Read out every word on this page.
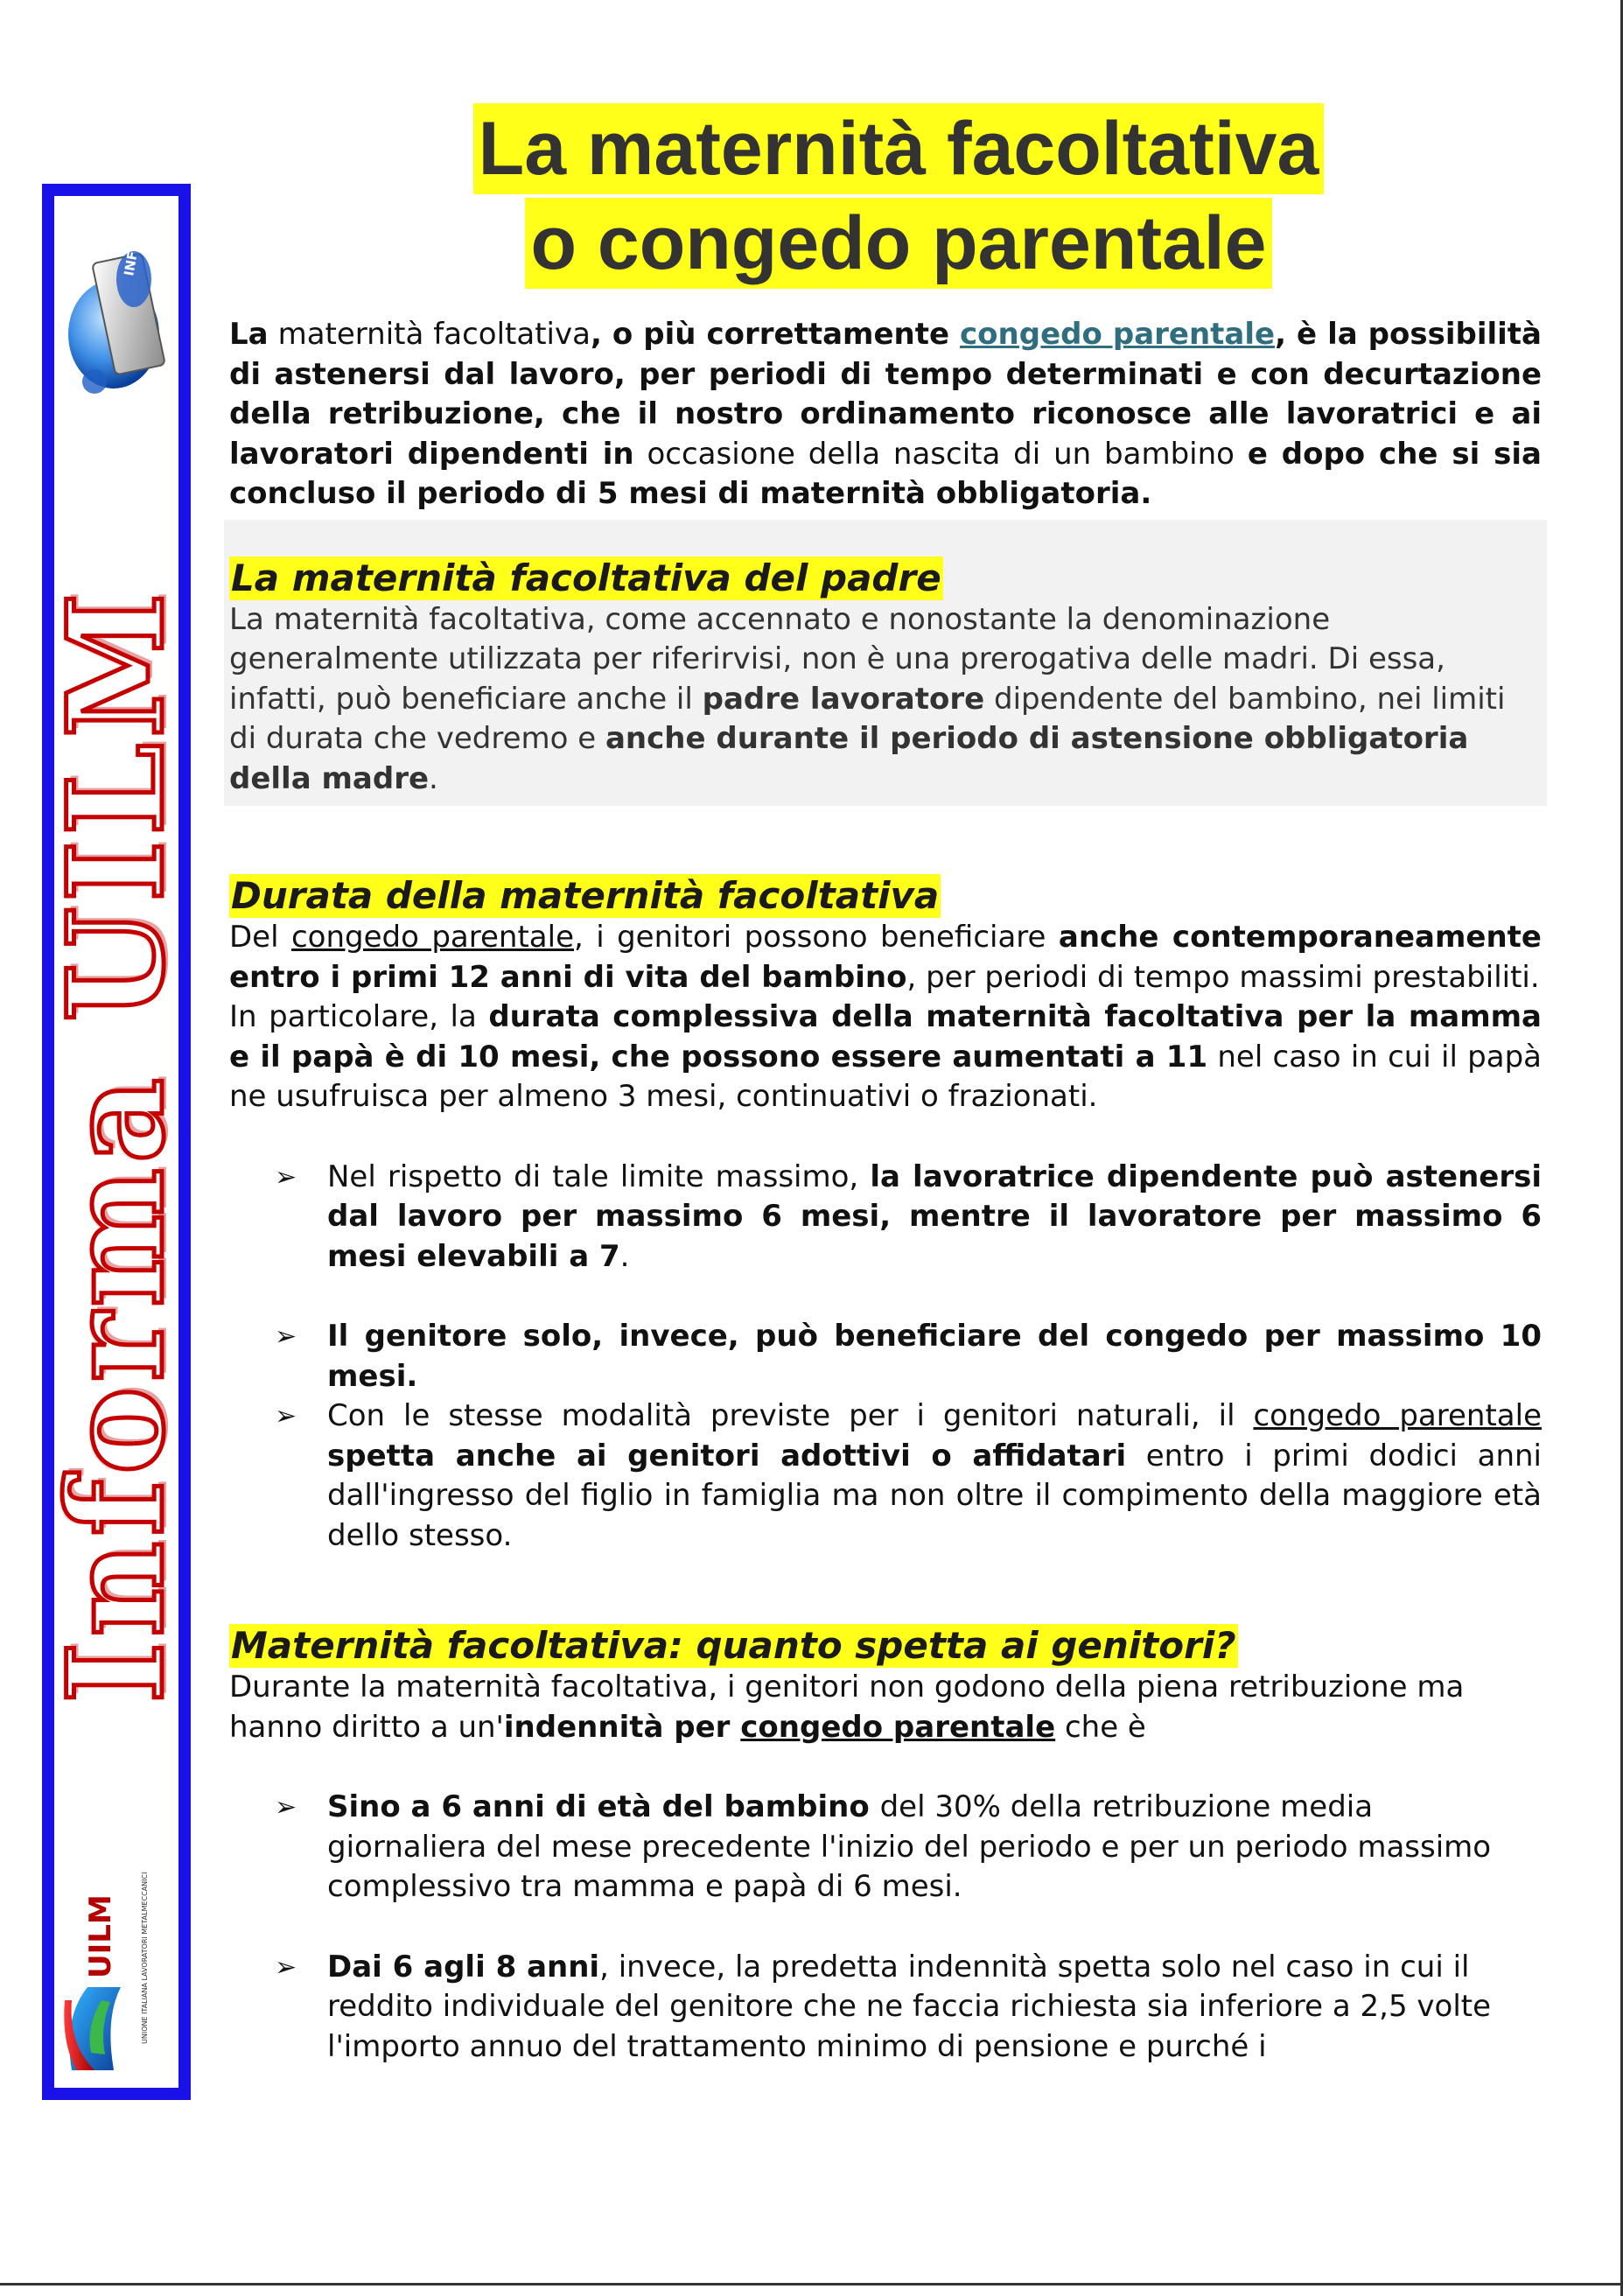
INFO
Informa UILM
UILM	UNIONE ITALIANA LAVORATORI METALMECCANICI
La maternità facoltativa
o congedo parentale

La maternità facoltativa, o più correttamente congedo parentale, è la possibilità di astenersi dal lavoro, per periodi di tempo determinati e con decurtazione della retribuzione, che il nostro ordinamento riconosce alle lavoratrici e ai lavoratori dipendenti in occasione della nascita di un bambino e dopo che si sia concluso il periodo di 5 mesi di maternità obbligatoria.

La maternità facoltativa del padre

La maternità facoltativa, come accennato e nonostante la denominazione generalmente utilizzata per riferirvisi, non è una prerogativa delle madri. Di essa, infatti, può beneficiare anche il padre lavoratore dipendente del bambino, nei limiti di durata che vedremo e anche durante il periodo di astensione obbligatoria della madre.

Durata della maternità facoltativa

Del congedo parentale, i genitori possono beneficiare anche contemporaneamente entro i primi 12 anni di vita del bambino, per periodi di tempo massimi prestabiliti.

In particolare, la durata complessiva della maternità facoltativa per la mamma e il papà è di 10 mesi, che possono essere aumentati a 11 nel caso in cui il papà ne usufruisca per almeno 3 mesi, continuativi o frazionati.

➢ Nel rispetto di tale limite massimo, la lavoratrice dipendente può astenersi dal lavoro per massimo 6 mesi, mentre il lavoratore per massimo 6 mesi elevabili a 7.
➢ Il genitore solo, invece, può beneficiare del congedo per massimo 10 mesi.
➢ Con le stesse modalità previste per i genitori naturali, il congedo parentale spetta anche ai genitori adottivi o affidatari entro i primi dodici anni dall'ingresso del figlio in famiglia ma non oltre il compimento della maggiore età dello stesso.
Maternità facoltativa: quanto spetta ai genitori?

Durante la maternità facoltativa, i genitori non godono della piena retribuzione ma hanno diritto a un'indennità per congedo parentale che è

➢ Sino a 6 anni di età del bambino del 30% della retribuzione media giornaliera del mese precedente l'inizio del periodo e per un periodo massimo complessivo tra mamma e papà di 6 mesi.
➢ Dai 6 agli 8 anni, invece, la predetta indennità spetta solo nel caso in cui il reddito individuale del genitore che ne faccia richiesta sia inferiore a 2,5 volte l'importo annuo del trattamento minimo di pensione e purché i
